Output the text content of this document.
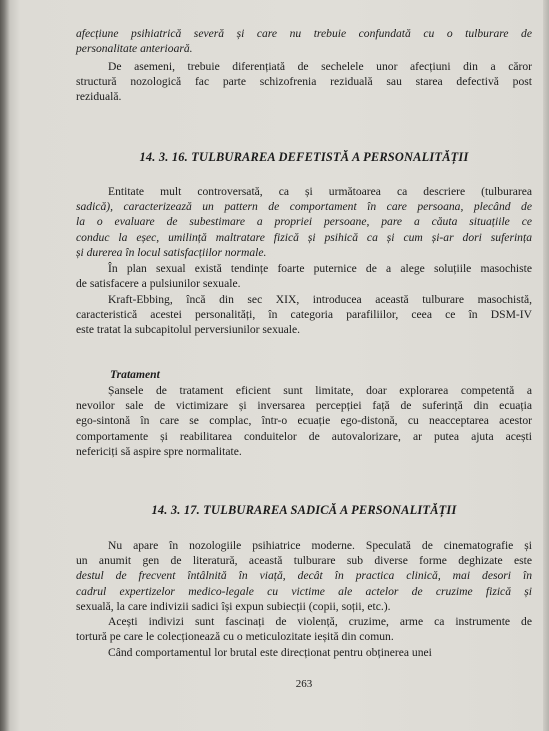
afecțiune psihiatrică severă și care nu trebuie confundată cu o tulburare de
personalitate anterioară.
De asemeni, trebuie diferențiată de sechelele unor afecțiuni din a căror
structură nozologică fac parte schizofrenia reziduală sau starea defectivă post
reziduală.
14. 3. 16. TULBURAREA DEFETISTĂ A PERSONALITĂȚII
Entitate mult controversată, ca și următoarea ca descriere (tulburarea
sadică), caracterizează un pattern de comportament în care persoana, plecând de
la o evaluare de subestimare a propriei persoane, pare a căuta situațiile ce
conduc la eșec, umilință maltratare fizică și psihică ca și cum și-ar dori suferința
și durerea în locul satisfacțiilor normale.
În plan sexual există tendințe foarte puternice de a alege soluțiile masochiste
de satisfacere a pulsiunilor sexuale.
Kraft-Ebbing, încă din sec XIX, introducea această tulburare masochistă,
caracteristică acestei personalități, în categoria parafiliilor, ceea ce în DSM-IV
este tratat la subcapitolul perversiunilor sexuale.
Tratament
Șansele de tratament eficient sunt limitate, doar explorarea competentă a
nevoilor sale de victimizare și inversarea percepției față de suferință din ecuația
ego-sintonă în care se complac, într-o ecuație ego-distonă, cu neacceptarea acestor
comportamente și reabilitarea conduitelor de autovalorizare, ar putea ajuta acești
nefericiți să aspire spre normalitate.
14. 3. 17. TULBURAREA SADICĂ A PERSONALITĂȚII
Nu apare în nozologiile psihiatrice moderne. Speculată de cinematografie și
un anumit gen de literatură, această tulburare sub diverse forme deghizate este
destul de frecvent întâlnită în viață, decât în practica clinică, mai desori în
cadrul expertizelor medico-legale cu victime ale actelor de cruzime fizică și
sexuală, la care indivizii sadici își expun subiecții (copii, soții, etc.).
Acești indivizi sunt fascinați de violență, cruzime, arme ca instrumente de
tortură pe care le colecționează cu o meticulozitate ieșită din comun.
Când comportamentul lor brutal este direcționat pentru obținerea unei
263
